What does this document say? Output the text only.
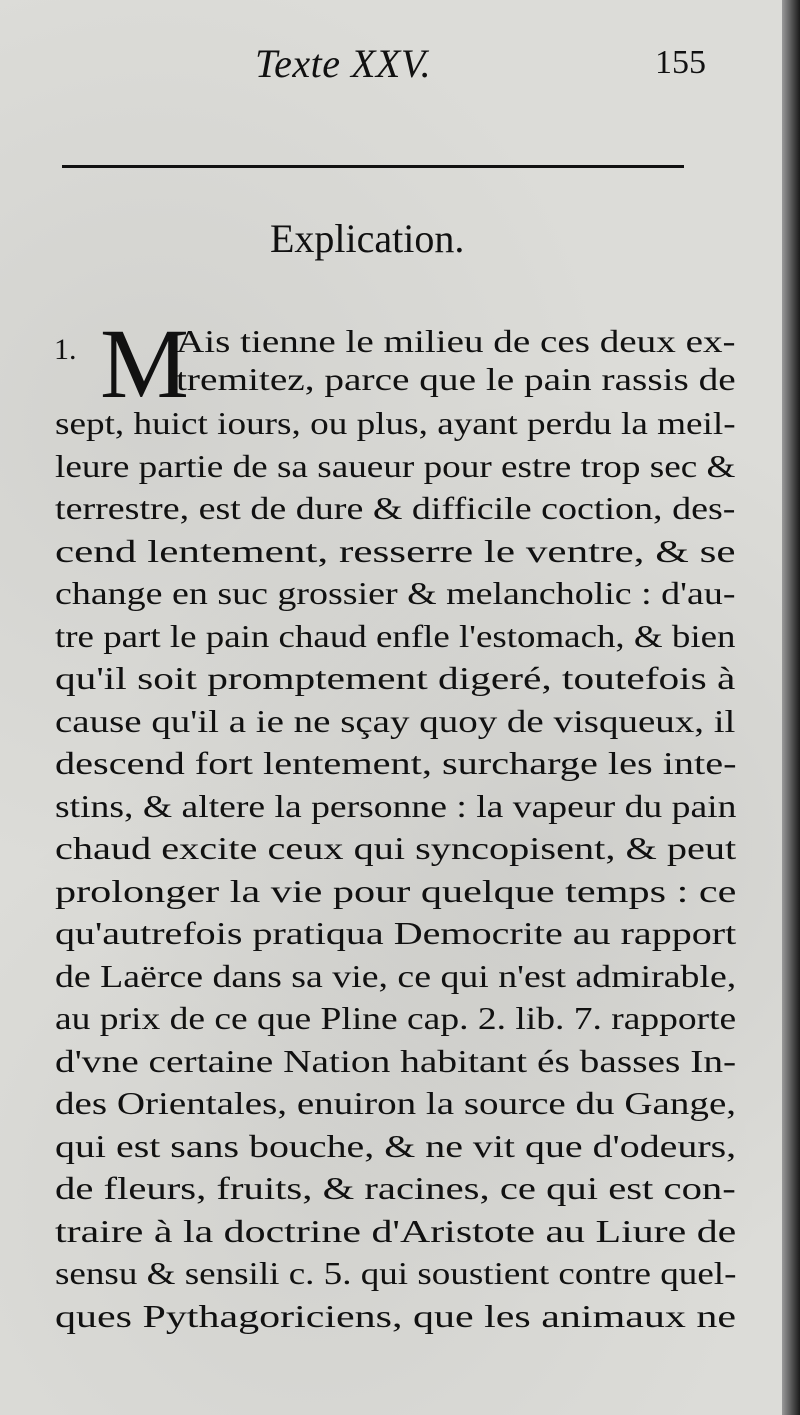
Texte XXV.	155
Explication.
1. M
Ais tienne le milieu de ces deux ex-
tremitez, parce que le pain rassis de
sept, huict iours, ou plus, ayant perdu la meil-
leure partie de sa saueur pour estre trop sec &
terrestre, est de dure & difficile coction, des-
cend lentement, resserre le ventre, & se
change en suc grossier & melancholic : d'au-
tre part le pain chaud enfle l'estomach, & bien
qu'il soit promptement digeré, toutefois à
cause qu'il a ie ne sçay quoy de visqueux, il
descend fort lentement, surcharge les inte-
stins, & altere la personne : la vapeur du pain
chaud excite ceux qui syncopisent, & peut
prolonger la vie pour quelque temps : ce
qu'autrefois pratiqua Democrite au rapport
de Laërce dans sa vie, ce qui n'est admirable,
au prix de ce que Pline cap. 2. lib. 7. rapporte
d'vne certaine Nation habitant és basses In-
des Orientales, enuiron la source du Gange,
qui est sans bouche, & ne vit que d'odeurs,
de fleurs, fruits, & racines, ce qui est con-
traire à la doctrine d'Aristote au Liure de
sensu & sensili c. 5. qui soustient contre quel-
ques Pythagoriciens, que les animaux ne
